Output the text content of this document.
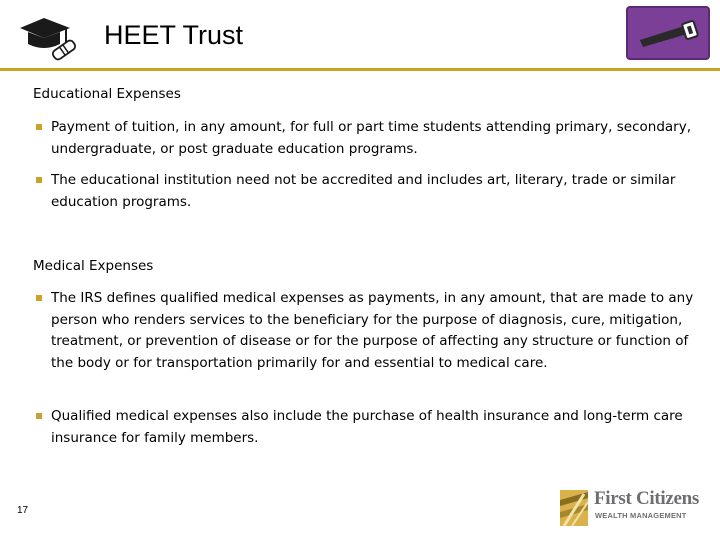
HEET Trust
Educational Expenses
Payment of tuition, in any amount, for full or part time students attending primary, secondary, undergraduate, or post graduate education programs.
The educational institution need not be accredited and includes art, literary, trade or similar education programs.
Medical Expenses
The IRS defines qualified medical expenses as payments, in any amount, that are made to any person who renders services to the beneficiary for the purpose of diagnosis, cure, mitigation, treatment, or prevention of disease or for the purpose of affecting any structure or function of the body or for transportation primarily for and essential to medical care.
Qualified medical expenses also include the purchase of health insurance and long-term care insurance for family members.
17
First Citizens
WEALTH MANAGEMENT
